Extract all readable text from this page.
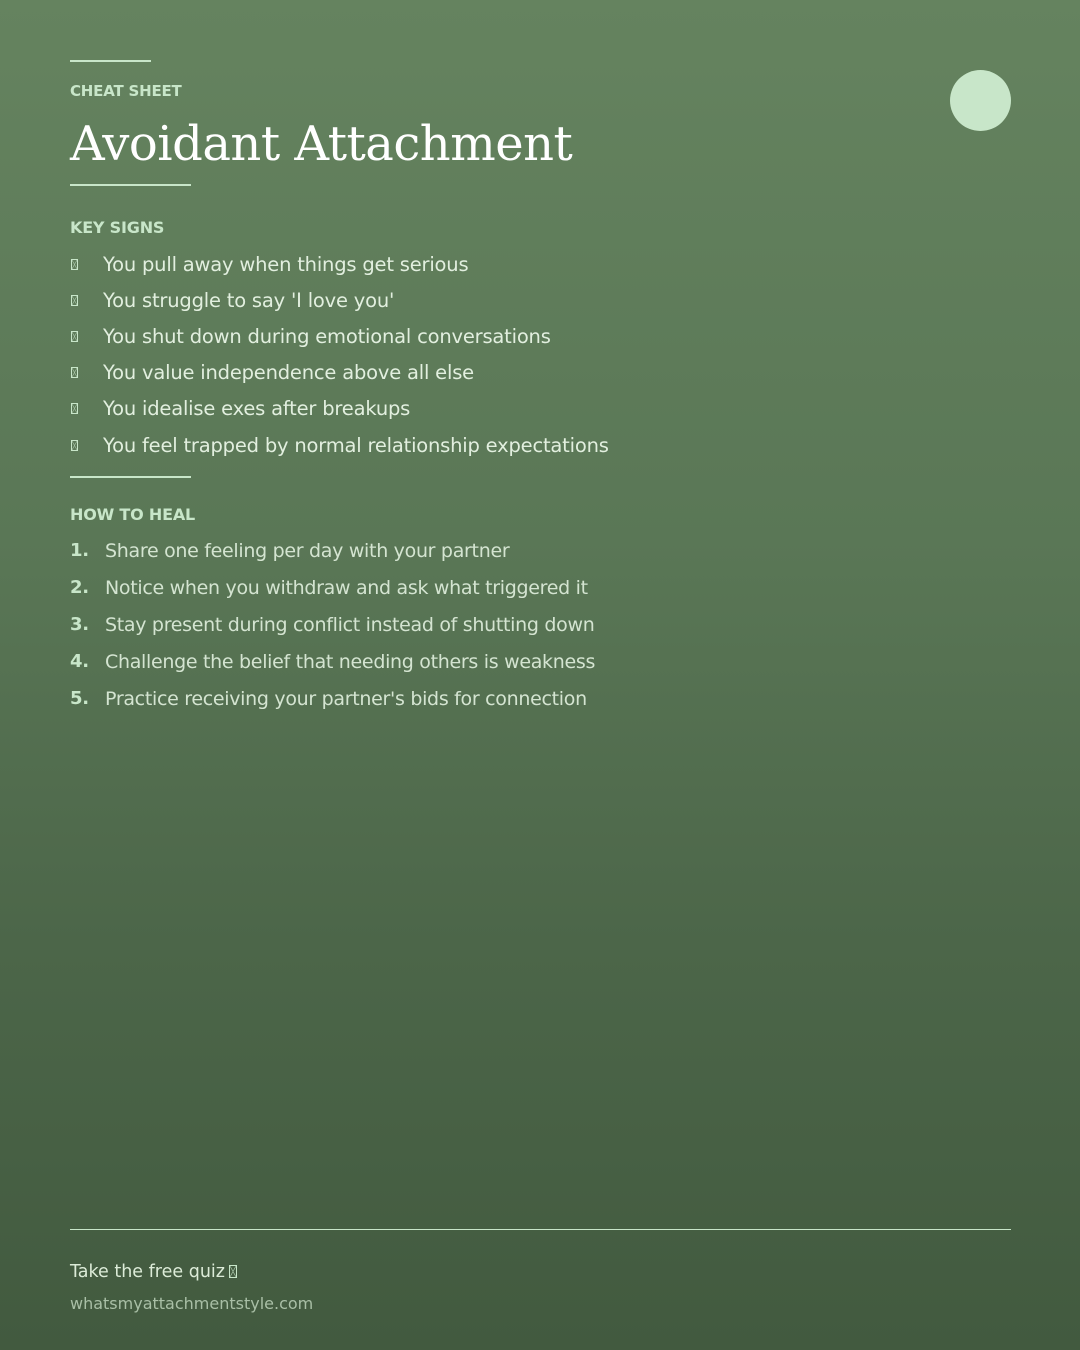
CHEAT SHEET
Avoidant Attachment
KEY SIGNS
You pull away when things get serious
You struggle to say 'I love you'
You shut down during emotional conversations
You value independence above all else
You idealise exes after breakups
You feel trapped by normal relationship expectations
HOW TO HEAL
1. Share one feeling per day with your partner
2. Notice when you withdraw and ask what triggered it
3. Stay present during conflict instead of shutting down
4. Challenge the belief that needing others is weakness
5. Practice receiving your partner's bids for connection
Take the free quiz
whatsmyattachmentstyle.com
